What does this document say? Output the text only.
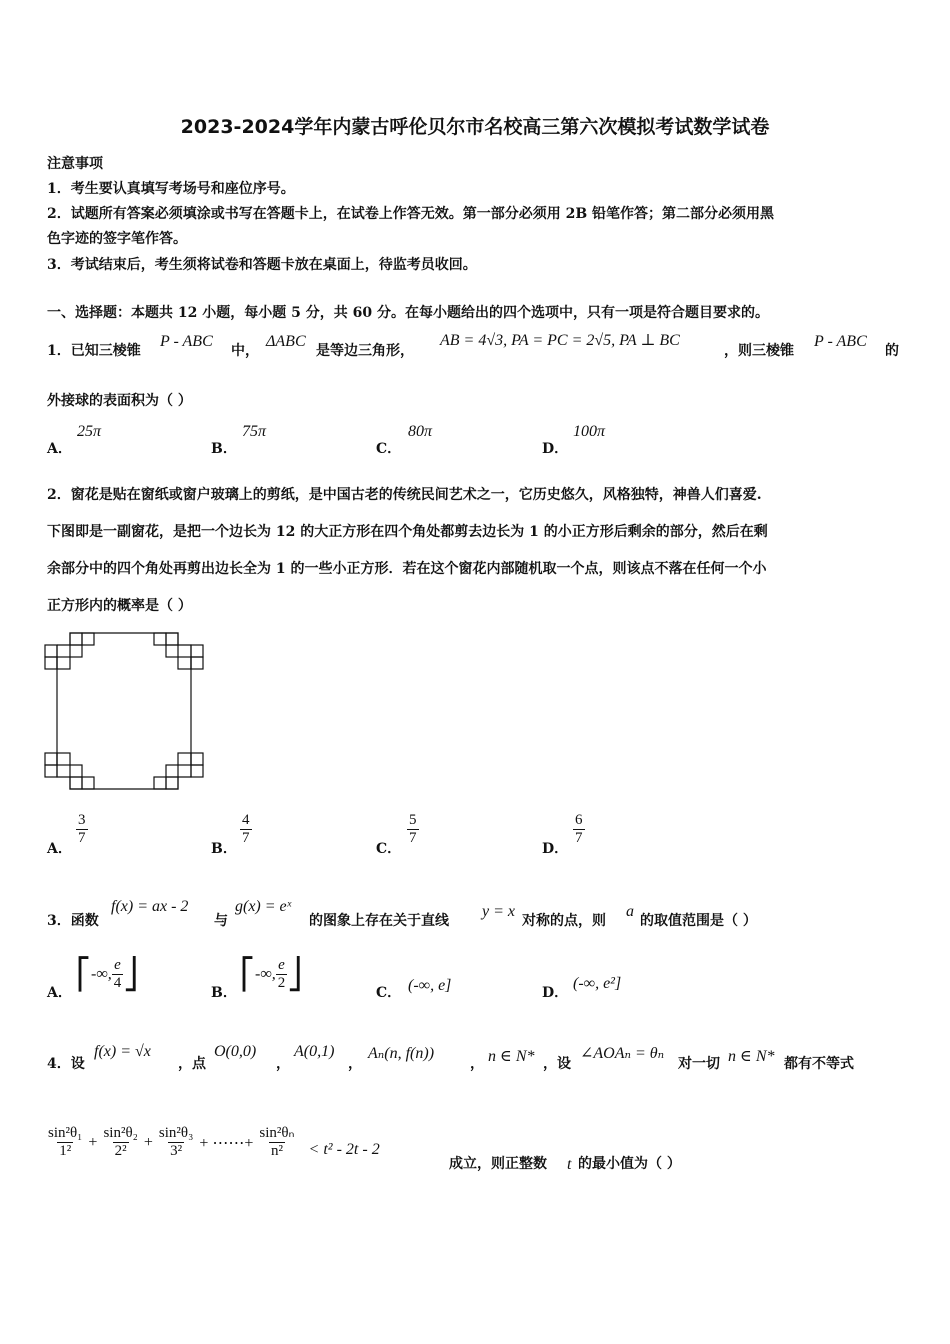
2023-2024学年内蒙古呼伦贝尔市名校高三第六次模拟考试数学试卷
注意事项
1．考生要认真填写考场号和座位序号。
2．试题所有答案必须填涂或书写在答题卡上，在试卷上作答无效。第一部分必须用 2B 铅笔作答；第二部分必须用黑
色字迹的签字笔作答。
3．考试结束后，考生须将试卷和答题卡放在桌面上，待监考员收回。
一、选择题：本题共 12 小题，每小题 5 分，共 60 分。在每小题给出的四个选项中，只有一项是符合题目要求的。
1．已知三棱锥
P - ABC
中，
ΔABC
是等边三角形，
AB = 4√3, PA = PC = 2√5, PA ⊥ BC
，则三棱锥
P - ABC
的
外接球的表面积为（ ）
A．
25π
B．
75π
C．
80π
D．
100π
2．窗花是贴在窗纸或窗户玻璃上的剪纸，是中国古老的传统民间艺术之一，它历史悠久，风格独特，神兽人们喜爱.
下图即是一副窗花，是把一个边长为 12 的大正方形在四个角处都剪去边长为 1 的小正方形后剩余的部分，然后在剩
余部分中的四个角处再剪出边长全为 1 的一些小正方形．若在这个窗花内部随机取一个点，则该点不落在任何一个小
正方形内的概率是（ ）
A．
$\frac{3}{7}$
B．
$\frac{4}{7}$
C．
$\frac{5}{7}$
D．
$\frac{6}{7}$
3．函数
f(x) = ax - 2
与
g(x) = eˣ
的图象上存在关于直线
y = x
对称的点，则
a
的取值范围是（ ）
A．
⎡-∞, $\frac{e}{4}$ ⎦
B．
⎡-∞, $\frac{e}{2}$ ⎦
C． (-∞, e]	D．
(-∞, e²]
4．设
f(x) = √x
，点
O(0,0)
，
A(0,1)
，
Aₙ(n, f(n))
， n ∈ N* ，设
∠AOAₙ = θₙ
对一切 n ∈ N* 都有不等式
$\frac{\text{sin²θ₁}}{\text{1²}} + \frac{\text{sin²θ₂}}{\text{2²}} + \frac{\text{sin²θ₃}}{\text{3²}}$ + ⋯⋯+ $\frac{\text{sin²θₙ}}{\text{n²}} < t^2 - 2t - 2$
成立，则正整数 t 的最小值为（ ）
